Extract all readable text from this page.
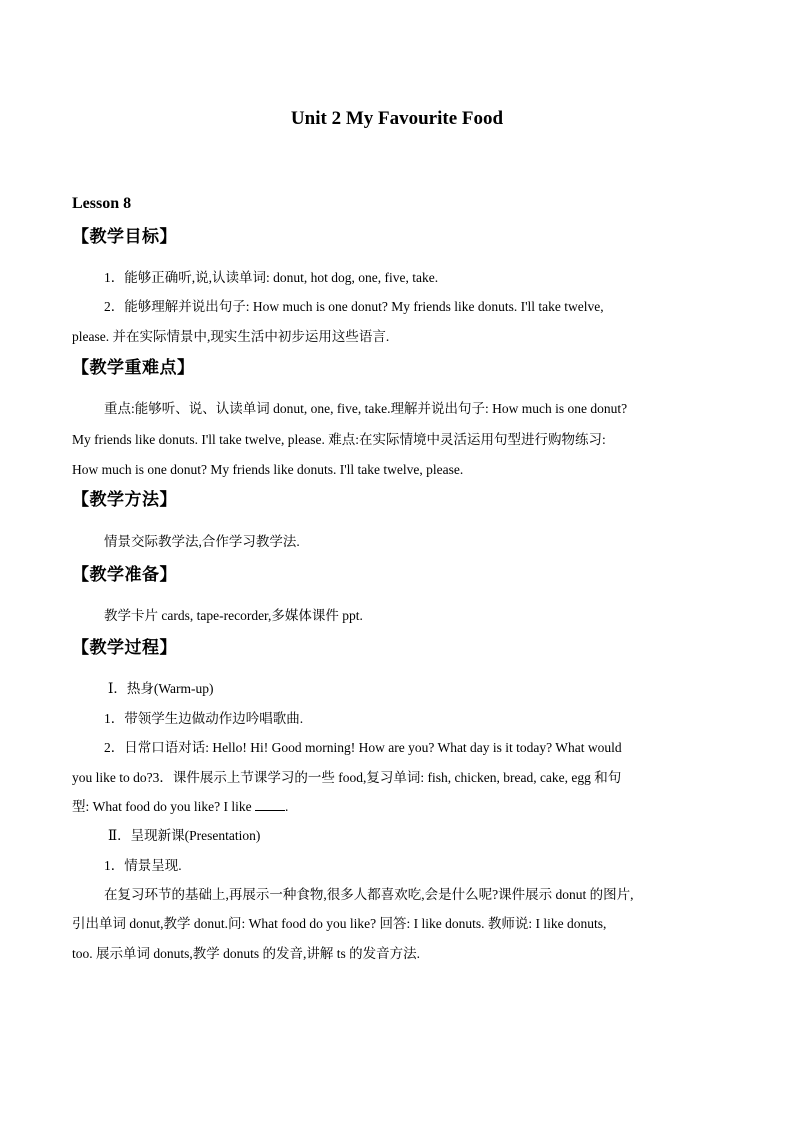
Unit 2 My Favourite Food
Lesson 8
【教学目标】
1．能够正确听,说,认读单词: donut, hot dog, one, five, take.
2．能够理解并说出句子: How much is one donut? My friends like donuts. I'll take twelve,
please. 并在实际情景中,现实生活中初步运用这些语言.
【教学重难点】
重点:能够听、说、认读单词 donut, one, five, take.理解并说出句子: How much is one donut?
My friends like donuts. I'll take twelve, please. 难点:在实际情境中灵活运用句型进行购物练习:
How much is one donut? My friends like donuts. I'll take twelve, please.
【教学方法】
情景交际教学法,合作学习教学法.
【教学准备】
教学卡片 cards, tape-recorder,多媒体课件 ppt.
【教学过程】
Ⅰ．热身(Warm-up)
1．带领学生边做动作边吟唱歌曲.
2．日常口语对话: Hello! Hi! Good morning! How are you? What day is it today? What would
you like to do?3．课件展示上节课学习的一些 food,复习单词: fish, chicken, bread, cake, egg 和句
型: What food do you like? I like .
Ⅱ．呈现新课(Presentation)
1．情景呈现.
在复习环节的基础上,再展示一种食物,很多人都喜欢吃,会是什么呢?课件展示 donut 的图片,
引出单词 donut,教学 donut.问: What food do you like? 回答: I like donuts. 教师说: I like donuts,
too. 展示单词 donuts,教学 donuts 的发音,讲解 ts 的发音方法.
